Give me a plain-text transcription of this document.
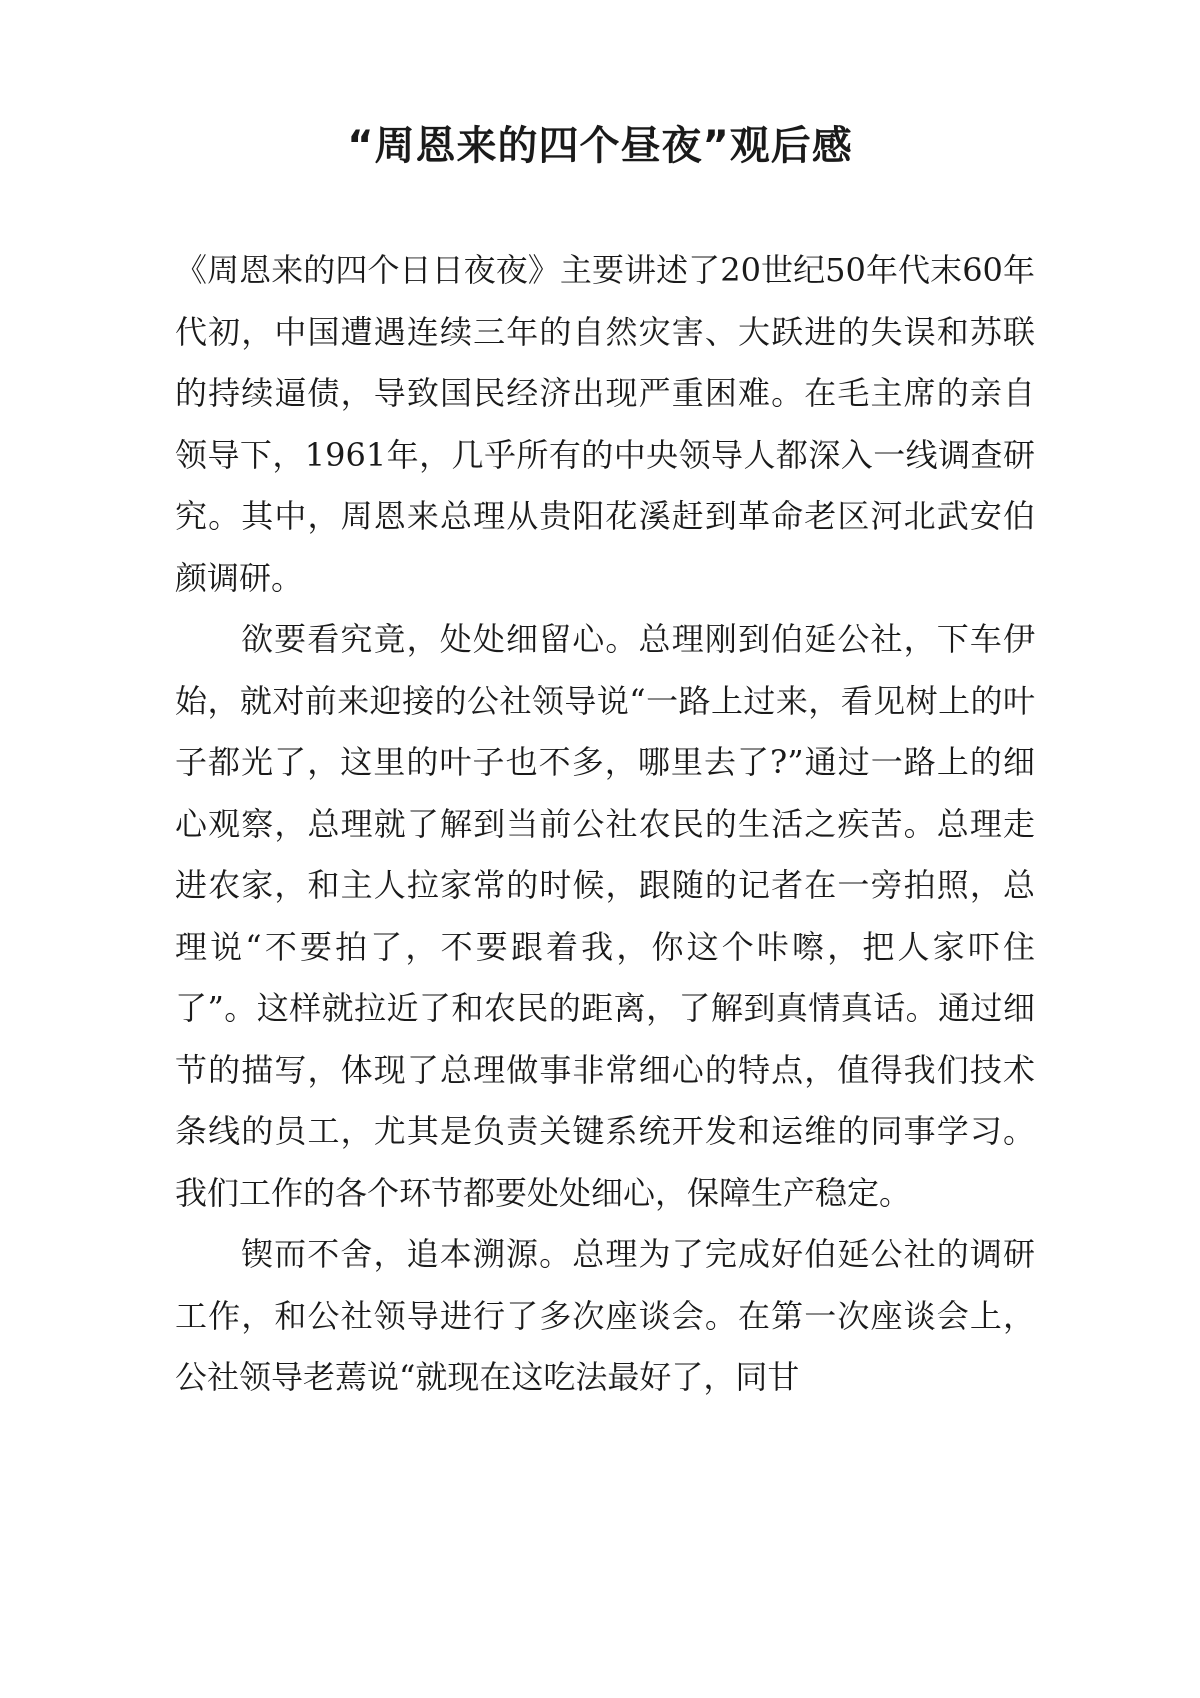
“周恩来的四个昼夜”观后感

《周恩来的四个日日夜夜》主要讲述了20世纪50年代末60年代初，中国遭遇连续三年的自然灾害、大跃进的失误和苏联的持续逼债，导致国民经济出现严重困难。在毛主席的亲自领导下，1961年，几乎所有的中央领导人都深入一线调查研究。其中，周恩来总理从贵阳花溪赶到革命老区河北武安伯颜调研。

欲要看究竟，处处细留心。总理刚到伯延公社，下车伊始，就对前来迎接的公社领导说“一路上过来，看见树上的叶子都光了，这里的叶子也不多，哪里去了?”通过一路上的细心观察，总理就了解到当前公社农民的生活之疾苦。总理走进农家，和主人拉家常的时候，跟随的记者在一旁拍照，总理说“不要拍了，不要跟着我，你这个咔嚓，把人家吓住了”。这样就拉近了和农民的距离，了解到真情真话。通过细节的描写，体现了总理做事非常细心的特点，值得我们技术条线的员工，尤其是负责关键系统开发和运维的同事学习。我们工作的各个环节都要处处细心，保障生产稳定。

锲而不舍，追本溯源。总理为了完成好伯延公社的调研工作，和公社领导进行了多次座谈会。在第一次座谈会上，公社领导老蔫说“就现在这吃法最好了，同甘
